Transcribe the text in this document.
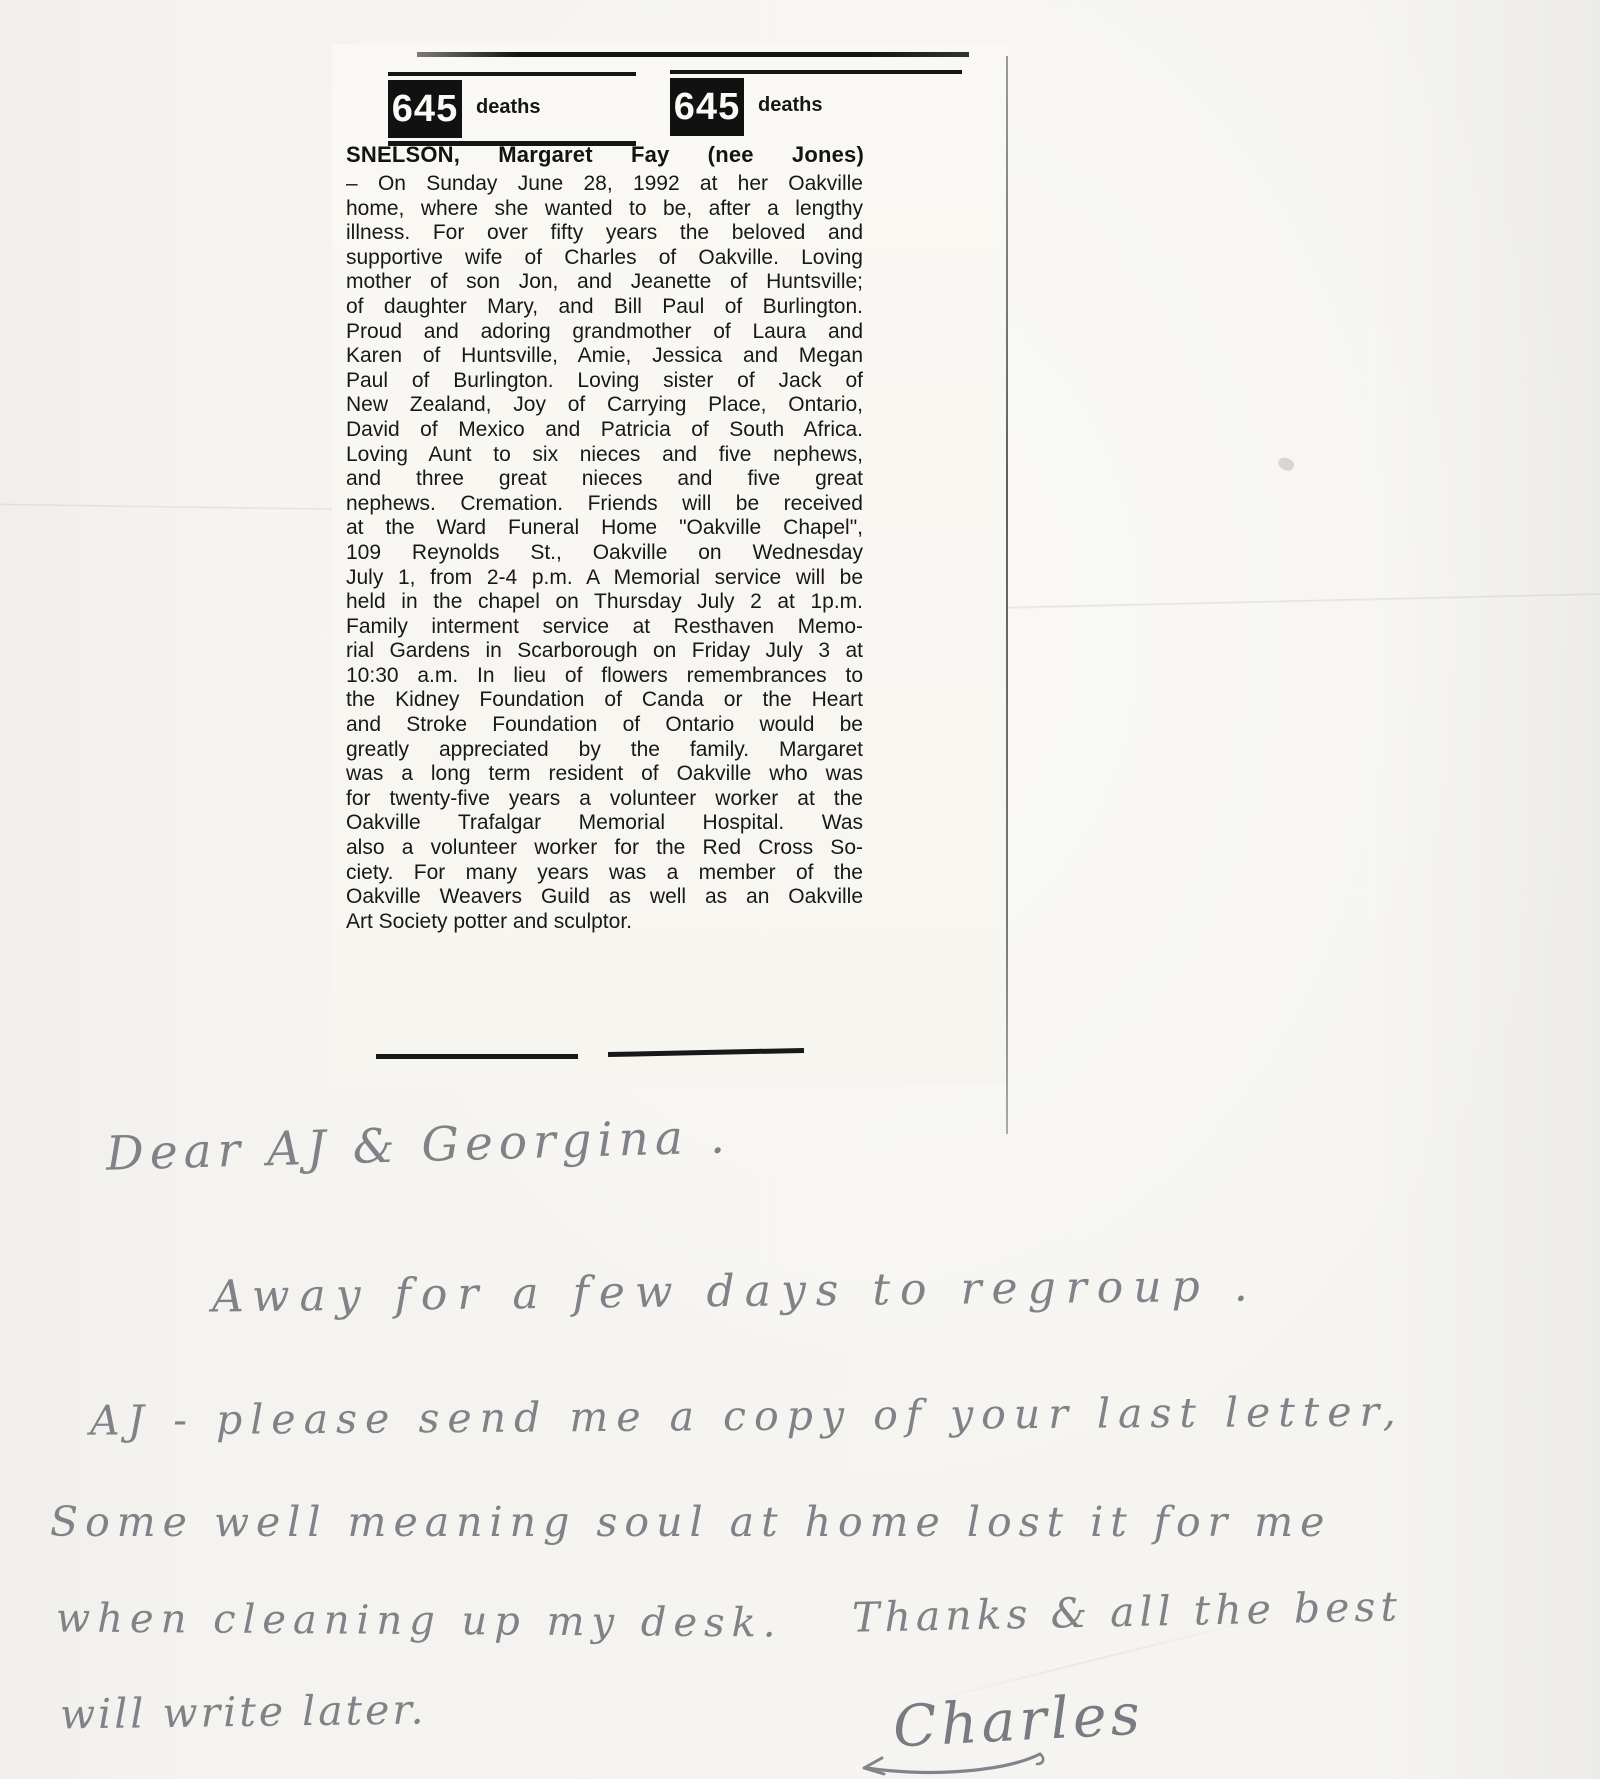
645 deaths	645 deaths
SNELSON, Margaret Fay (nee Jones)
– On Sunday June 28, 1992 at her Oakville
home, where she wanted to be, after a lengthy
illness. For over fifty years the beloved and
supportive wife of Charles of Oakville. Loving
mother of son Jon, and Jeanette of Huntsville;
of daughter Mary, and Bill Paul of Burlington.
Proud and adoring grandmother of Laura and
Karen of Huntsville, Amie, Jessica and Megan
Paul of Burlington. Loving sister of Jack of
New Zealand, Joy of Carrying Place, Ontario,
David of Mexico and Patricia of South Africa.
Loving Aunt to six nieces and five nephews,
and three great nieces and five great
nephews. Cremation. Friends will be received
at the Ward Funeral Home "Oakville Chapel",
109 Reynolds St., Oakville on Wednesday
July 1, from 2-4 p.m. A Memorial service will be
held in the chapel on Thursday July 2 at 1p.m.
Family interment service at Resthaven Memo-
rial Gardens in Scarborough on Friday July 3 at
10:30 a.m. In lieu of flowers remembrances to
the Kidney Foundation of Canda or the Heart
and Stroke Foundation of Ontario would be
greatly appreciated by the family. Margaret
was a long term resident of Oakville who was
for twenty-five years a volunteer worker at the
Oakville Trafalgar Memorial Hospital. Was
also a volunteer worker for the Red Cross So-
ciety. For many years was a member of the
Oakville Weavers Guild as well as an Oakville
Art Society potter and sculptor.
Dear AJ & Georgina .
Away for a few days to regroup .
AJ - please send me a copy of your last letter,
Some well meaning soul at home lost it for me
when cleaning up my desk. Thanks & all the best
will write later.	Charles
